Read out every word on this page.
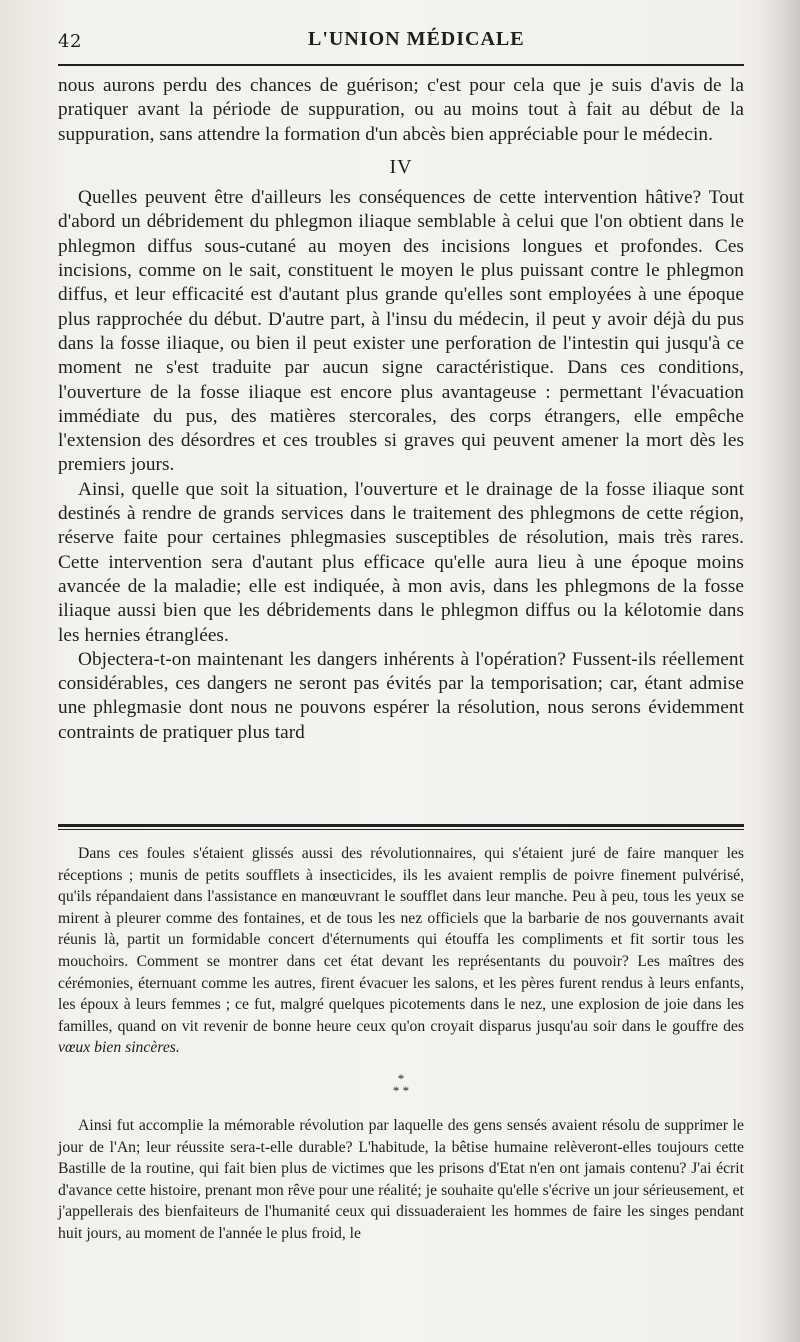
42	L'UNION MÉDICALE

nous aurons perdu des chances de guérison; c'est pour cela que je suis d'avis de la pratiquer avant la période de suppuration, ou au moins tout à fait au début de la suppuration, sans attendre la formation d'un abcès bien appréciable pour le médecin.

IV

Quelles peuvent être d'ailleurs les conséquences de cette intervention hâtive? Tout d'abord un débridement du phlegmon iliaque semblable à celui que l'on obtient dans le phlegmon diffus sous-cutané au moyen des incisions longues et profondes. Ces incisions, comme on le sait, constituent le moyen le plus puissant contre le phlegmon diffus, et leur efficacité est d'autant plus grande qu'elles sont employées à une époque plus rapprochée du début. D'autre part, à l'insu du médecin, il peut y avoir déjà du pus dans la fosse iliaque, ou bien il peut exister une perforation de l'intestin qui jusqu'à ce moment ne s'est traduite par aucun signe caractéristique. Dans ces conditions, l'ouverture de la fosse iliaque est encore plus avantageuse : permettant l'évacuation immédiate du pus, des matières stercorales, des corps étrangers, elle empêche l'extension des désordres et ces troubles si graves qui peuvent amener la mort dès les premiers jours.

Ainsi, quelle que soit la situation, l'ouverture et le drainage de la fosse iliaque sont destinés à rendre de grands services dans le traitement des phlegmons de cette région, réserve faite pour certaines phlegmasies susceptibles de résolution, mais très rares. Cette intervention sera d'autant plus efficace qu'elle aura lieu à une époque moins avancée de la maladie; elle est indiquée, à mon avis, dans les phlegmons de la fosse iliaque aussi bien que les débridements dans le phlegmon diffus ou la kélotomie dans les hernies étranglées.

Objectera-t-on maintenant les dangers inhérents à l'opération? Fussent-ils réellement considérables, ces dangers ne seront pas évités par la temporisation; car, étant admise une phlegmasie dont nous ne pouvons espérer la résolution, nous serons évidemment contraints de pratiquer plus tard

Dans ces foules s'étaient glissés aussi des révolutionnaires, qui s'étaient juré de faire manquer les réceptions ; munis de petits soufflets à insecticides, ils les avaient remplis de poivre finement pulvérisé, qu'ils répandaient dans l'assistance en manœuvrant le soufflet dans leur manche. Peu à peu, tous les yeux se mirent à pleurer comme des fontaines, et de tous les nez officiels que la barbarie de nos gouvernants avait réunis là, partit un formidable concert d'éternuments qui étouffa les compliments et fit sortir tous les mouchoirs. Comment se montrer dans cet état devant les représentants du pouvoir? Les maîtres des cérémonies, éternuant comme les autres, firent évacuer les salons, et les pères furent rendus à leurs enfants, les époux à leurs femmes ; ce fut, malgré quelques picotements dans le nez, une explosion de joie dans les familles, quand on vit revenir de bonne heure ceux qu'on croyait disparus jusqu'au soir dans le gouffre des vœux bien sincères.

*
* *

Ainsi fut accomplie la mémorable révolution par laquelle des gens sensés avaient résolu de supprimer le jour de l'An; leur réussite sera-t-elle durable? L'habitude, la bêtise humaine relèveront-elles toujours cette Bastille de la routine, qui fait bien plus de victimes que les prisons d'Etat n'en ont jamais contenu? J'ai écrit d'avance cette histoire, prenant mon rêve pour une réalité; je souhaite qu'elle s'écrive un jour sérieusement, et j'appellerais des bienfaiteurs de l'humanité ceux qui dissuaderaient les hommes de faire les singes pendant huit jours, au moment de l'année le plus froid, le
